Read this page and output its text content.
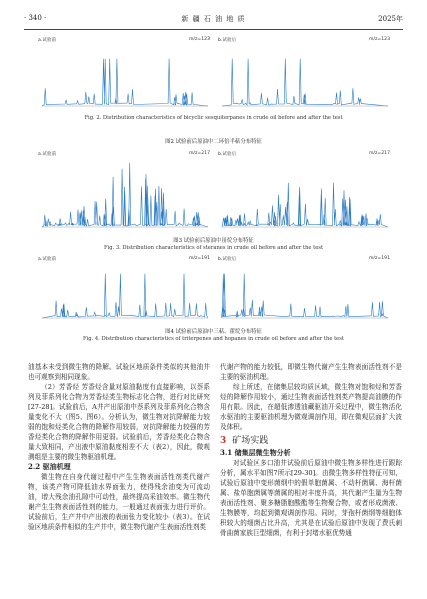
· 340 ·	新 疆 石 油 地 质	2025年
a.试验前	m/z=123 b.试验后	m/z=123
Fig. 2. Distribution characteristics of bicyclic sesquiterpanes in crude oil before and after the test
图2 试验前后原油中二环倍半萜分布特征
a.试验前	m/z=217 b.试验后	m/z=217
图3 试验前后原油中甾烷分布特征
Fig. 3. Distribution characteristics of steranes in crude oil before and after the test
a.试验前	m/z=191 b.试验后	m/z=191
图4 试验前后原油中三萜、藿烷分布特征
Fig. 4. Distribution characteristics of triterpenes and hopanes in crude oil before and after the test

油基本未受到微生物的降解。试验区地质条件类似的其他油井也可观察到相同现象。

（2）芳香烃 芳香烃含量对原油黏度有直接影响，以萘系列及菲系列化合物为芳香烃类生物标志化合物，进行对比研究[27-28]。试验前后，A井产出原油中萘系列及菲系列化合物含量变化不大（图5、图6）。分析认为，微生物对抗降解能力较弱的饱和烃类化合物的降解作用较弱，对抗降解能力较强的芳香烃类化合物的降解作用更弱。试验前后，芳香烃类化合物含量大致相同，产出液中原油黏度相差不大（表2），因此，微观测组是主要的微生物驱油机理。

2.2 驱油机理

微生物在自身代谢过程中产生生物表面活性剂类代谢产物，该类产物可降低油水界面张力，使得残余油变为可流动油，增大残余油孔隙中可动性，最终提高采油效率。微生物代谢产生生物表面活性剂的能力，一般通过表面张力进行评价。试验前后，生产井中产出液的表面张力变化较小（表3）。在试验区地质条件相似的生产井中，微生物代谢产生表面活性剂类

代谢产物的能力较低，即微生物代谢产生生物表面活性剂不是主要的驱油机理。

综上所述，在储集层较均质区域，微生物对饱和烃和芳香烃的降解作用较小，通过生物表面活性剂类产物提高油膜的作用有限。因此，在超低渗透油藏驱油开采过程中，微生物活化水驱油的主要驱油机理为微观调剖作用，即在微观层面扩大波及体积。

3 矿场实践

3.1 储集层微生物分析

对试验区多口油井试验前后原油中微生物多样性进行跟踪分析，属水平如图7所示[29-30]。由微生物多样性特征可知，试验后原油中变形菌纲中的假单胞菌属、不动杆菌属、海杆菌属、盐单胞菌属等菌属的相对丰度升高，其代谢产生量为生物表面活性剂、聚多糖脂胞酸酯等生物聚合物，或者形成菌液、生物膜等，均起到微观调剖作用。同时，芽孢杆菌纲等细胞体积较大的细菌占比升高，尤其是在试验后原油中发现了费氏刺骨曲菌家族巨型细菌，有利于封堵水驱优势通
